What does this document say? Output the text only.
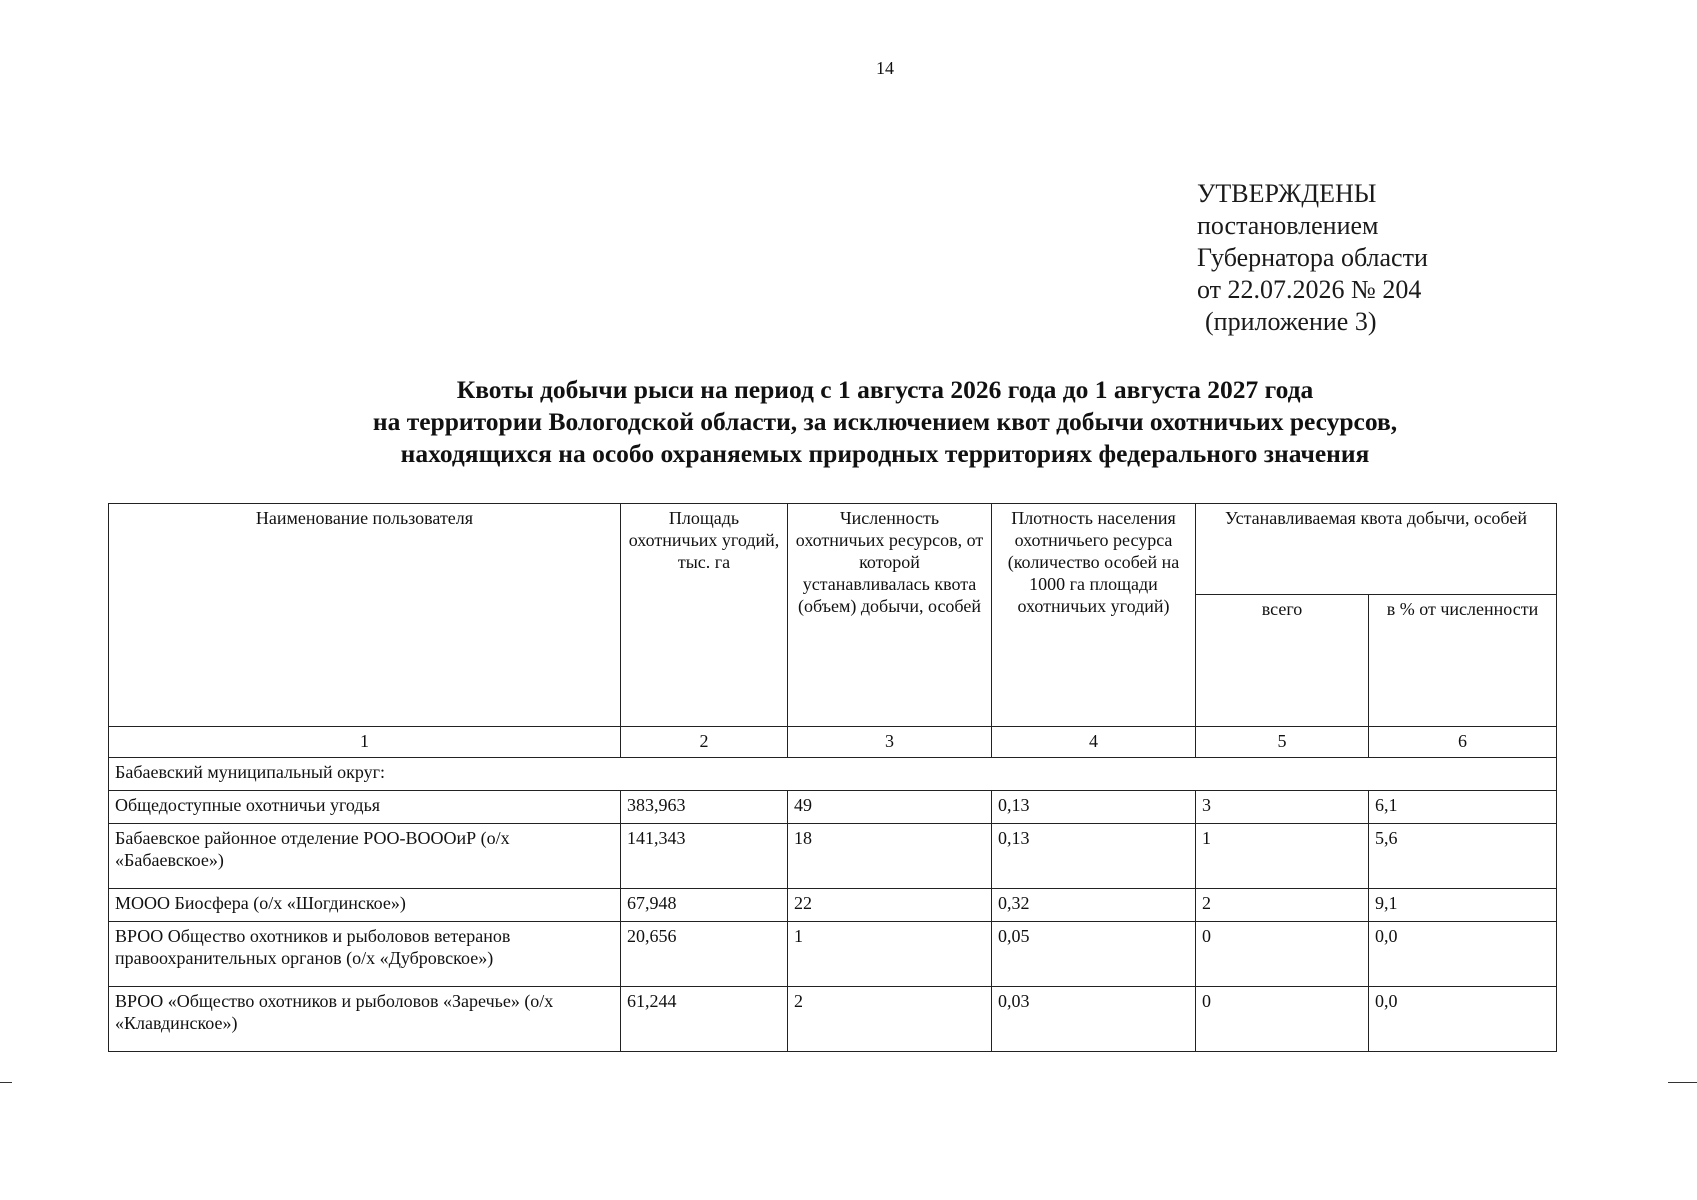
14
УТВЕРЖДЕНЫ
постановлением
Губернатора области
от 22.07.2026 № 204
(приложение 3)
Квоты добычи рыси на период с 1 августа 2026 года до 1 августа 2027 года
на территории Вологодской области, за исключением квот добычи охотничьих ресурсов,
находящихся на особо охраняемых природных территориях федерального значения
Наименование пользователя	Площадь охотничьих угодий, тыс. га	Численность охотничьих ресурсов, от которой устанавливалась квота (объем) добычи, особей	Плотность населения охотничьего ресурса (количество особей на 1000 га площади охотничьих угодий)	Устанавливаемая квота добычи, особей	
				всего	в % от численности
1	2	3	4	5	6
Бабаевский муниципальный округ:					
Общедоступные охотничьи угодья	383,963	49	0,13	3	6,1
Бабаевское районное отделение РОО-ВОООиР (о/х «Бабаевское»)	141,343	18	0,13	1	5,6
МООО Биосфера (о/х «Шогдинское»)	67,948	22	0,32	2	9,1
ВРОО Общество охотников и рыболовов ветеранов правоохранительных органов (о/х «Дубровское»)	20,656	1	0,05	0	0,0
ВРОО «Общество охотников и рыболовов «Заречье» (о/х «Клавдинское»)	61,244	2	0,03	0	0,0
